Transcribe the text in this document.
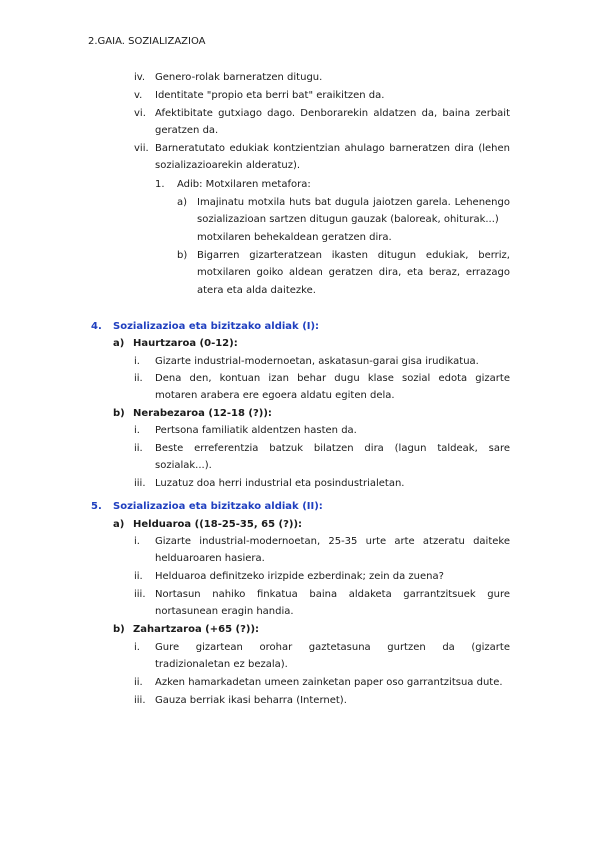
2.GAIA. SOZIALIZAZIOA
iv. Genero-rolak barneratzen ditugu.
v. Identitate "propio eta berri bat" eraikitzen da.
vi. Afektibitate gutxiago dago. Denborarekin aldatzen da, baina zerbait
geratzen da.
vii. Barneratutato edukiak kontzientzian ahulago barneratzen dira (lehen
sozializazioarekin alderatuz).
1. Adib: Motxilaren metafora:
a) Imajinatu motxila huts bat dugula jaiotzen garela. Lehenengo
sozializazioan sartzen ditugun gauzak (baloreak, ohiturak...)
motxilaren behekaldean geratzen dira.
b) Bigarren gizarteratzean ikasten ditugun edukiak, berriz,
motxilaren goiko aldean geratzen dira, eta beraz, errazago
atera eta alda daitezke.
4. Sozializazioa eta bizitzako aldiak (I):
a) Haurtzaroa (0-12):
i. Gizarte industrial-modernoetan, askatasun-garai gisa irudikatua.
ii. Dena den, kontuan izan behar dugu klase sozial edota gizarte
motaren arabera ere egoera aldatu egiten dela.
b) Nerabezaroa (12-18 (?)):
i. Pertsona familiatik aldentzen hasten da.
ii. Beste erreferentzia batzuk bilatzen dira (lagun taldeak, sare
sozialak...).
iii. Luzatuz doa herri industrial eta posindustrialetan.
5. Sozializazioa eta bizitzako aldiak (II):
a) Helduaroa ((18-25-35, 65 (?)):
i. Gizarte industrial-modernoetan, 25-35 urte arte atzeratu daiteke
helduaroaren hasiera.
ii. Helduaroa definitzeko irizpide ezberdinak; zein da zuena?
iii. Nortasun nahiko finkatua baina aldaketa garrantzitsuek gure
nortasunean eragin handia.
b) Zahartzaroa (+65 (?)):
i. Gure gizartean orohar gaztetasuna gurtzen da (gizarte
tradizionaletan ez bezala).
ii. Azken hamarkadetan umeen zainketan paper oso garrantzitsua dute.
iii. Gauza berriak ikasi beharra (Internet).
